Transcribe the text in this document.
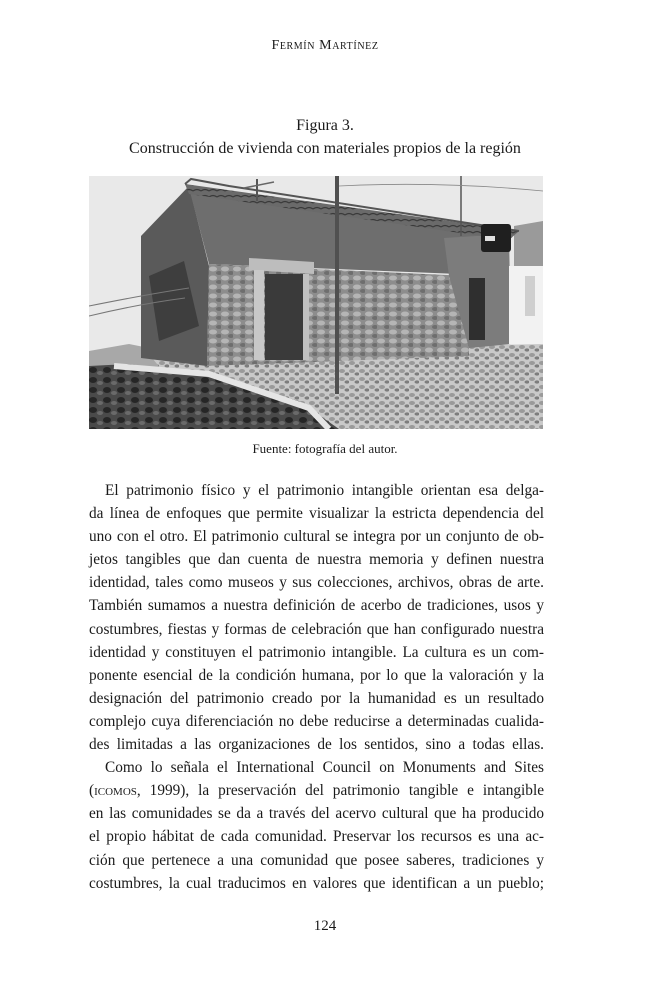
Fermín Martínez
Figura 3.
Construcción de vivienda con materiales propios de la región
Fuente: fotografía del autor.

El patrimonio físico y el patrimonio intangible orientan esa delga-
da línea de enfoques que permite visualizar la estricta dependencia del
uno con el otro. El patrimonio cultural se integra por un conjunto de ob-
jetos tangibles que dan cuenta de nuestra memoria y definen nuestra
identidad, tales como museos y sus colecciones, archivos, obras de arte.
También sumamos a nuestra definición de acerbo de tradiciones, usos y
costumbres, fiestas y formas de celebración que han configurado nuestra
identidad y constituyen el patrimonio intangible. La cultura es un com-
ponente esencial de la condición humana, por lo que la valoración y la
designación del patrimonio creado por la humanidad es un resultado
complejo cuya diferenciación no debe reducirse a determinadas cualida-
des limitadas a las organizaciones de los sentidos, sino a todas ellas.

Como lo señala el International Council on Monuments and Sites
(icomos, 1999), la preservación del patrimonio tangible e intangible
en las comunidades se da a través del acervo cultural que ha producido
el propio hábitat de cada comunidad. Preservar los recursos es una ac-
ción que pertenece a una comunidad que posee saberes, tradiciones y
costumbres, la cual traducimos en valores que identifican a un pueblo;

124
